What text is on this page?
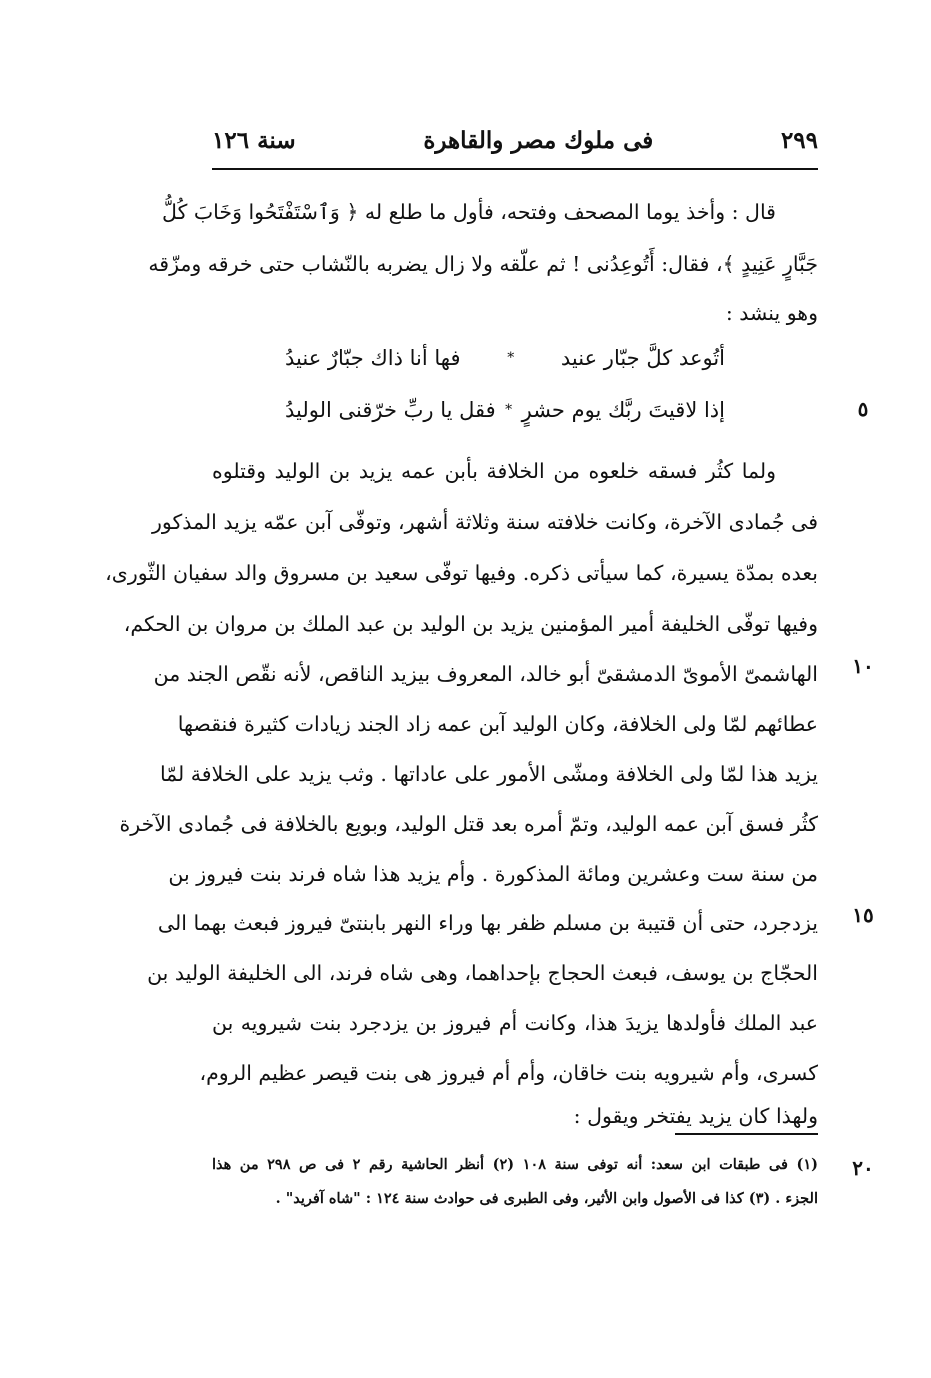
٢٩٩
فى ملوك مصر والقاهرة
سنة ١٢٦
قال : وأخذ يوما المصحف وفتحه، فأول ما طلع له ﴿ وَٱسْتَفْتَحُوا وَخَابَ كُلُّ
جَبَّارٍ عَنِيدٍ ﴾، فقال: أَتُوعِدُنى ! ثم علّقه ولا زال يضربه بالنّشاب حتى خرقه ومزّقه
وهو ينشد :
أتُوعد كلَّ جبّار عنيد
*
فها أنا ذاك جبّارٌ عنيدُ
إذا لاقيتَ ربَّك يوم حشرٍ
*
فقل يا ربِّ خرّقنى الوليدُ
ولما كثُر فسقه خلعوه من الخلافة بأبن عمه يزيد بن الوليد وقتلوه
فى جُمادى الآخرة، وكانت خلافته سنة وثلاثة أشهر، وتوفّى آبن عمّه يزيد المذكور
بعده بمدّة يسيرة، كما سيأتى ذكره. وفيها توفّى سعيد بن مسروق والد سفيان الثّورى،
وفيها توفّى الخليفة أمير المؤمنين يزيد بن الوليد بن عبد الملك بن مروان بن الحكم،
الهاشمىّ الأموىّ الدمشقىّ أبو خالد، المعروف بيزيد الناقص، لأنه نقّص الجند من
عطائهم لمّا ولى الخلافة، وكان الوليد آبن عمه زاد الجند زيادات كثيرة فنقصها
يزيد هذا لمّا ولى الخلافة ومشّى الأمور على عاداتها . وثب يزيد على الخلافة لمّا
كثُر فسق آبن عمه الوليد، وتمّ أمره بعد قتل الوليد، وبويع بالخلافة فى جُمادى الآخرة
من سنة ست وعشرين ومائة المذكورة . وأم يزيد هذا شاه فرند بنت فيروز بن
يزدجرد، حتى أن قتيبة بن مسلم ظفر بها وراء النهر بابنتىّ فيروز فبعث بهما الى
الحجّاج بن يوسف، فبعث الحجاج بإحداهما، وهى شاه فرند، الى الخليفة الوليد بن
عبد الملك فأولدها يزيدَ هذا، وكانت أم فيروز بن يزدجرد بنت شيرويه بن
كسرى، وأم شيرويه بنت خاقان، وأم أم فيروز هى بنت قيصر عظيم الروم،
ولهذا كان يزيد يفتخر ويقول :
٥
١٠
١٥
٢٠
(١) فى طبقات ابن سعد: أنه توفى سنة ١٠٨ (٢) أنظر الحاشية رقم ٢ فى ص ٢٩٨ من هذا
الجزء . (٣) كذا فى الأصول وابن الأثير، وفى الطبرى فى حوادث سنة ١٢٤ : "شاه آفريد" .
